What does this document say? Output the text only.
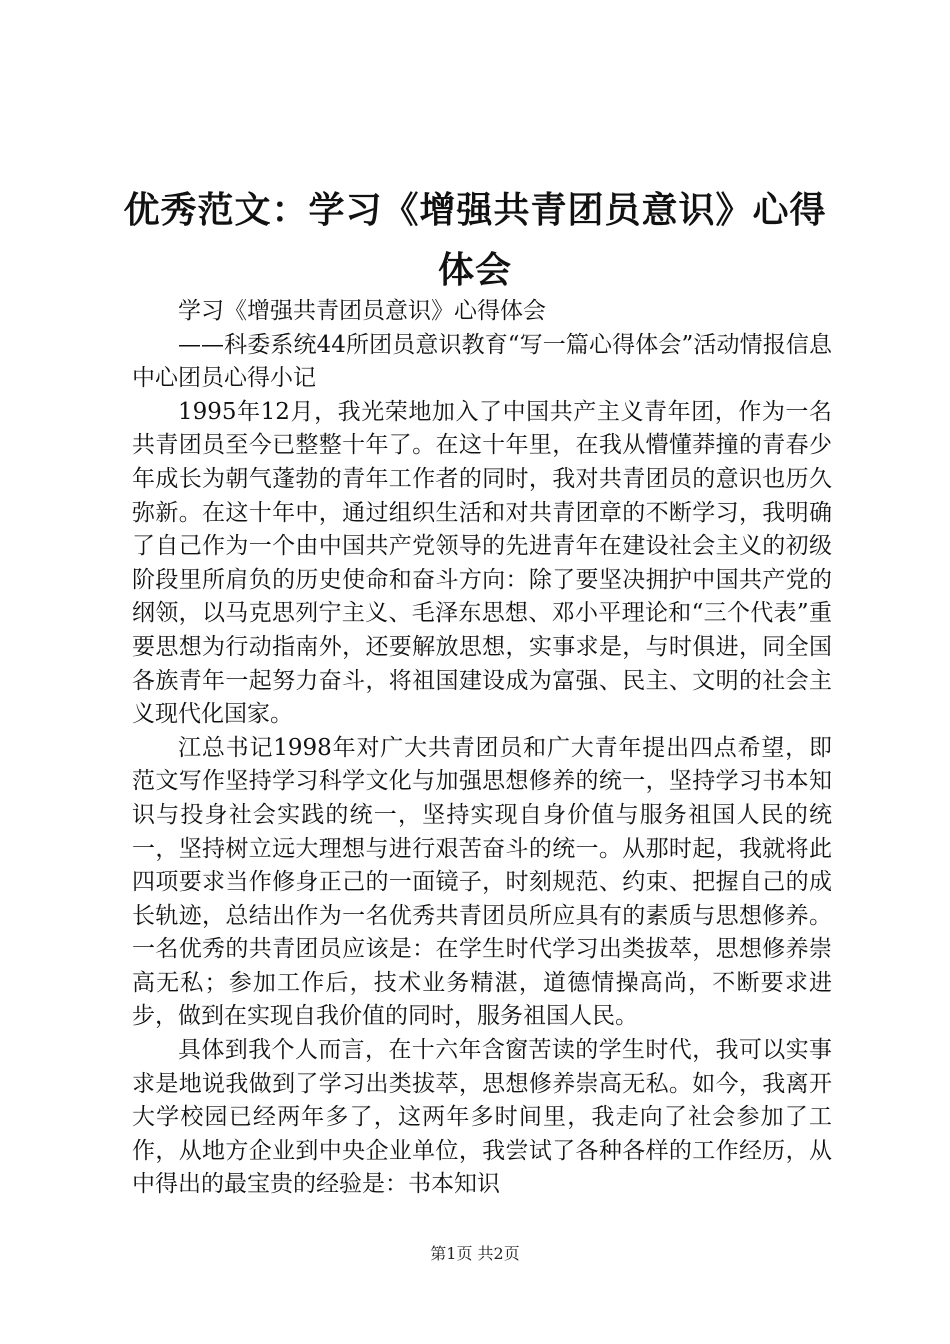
优秀范文：学习《增强共青团员意识》心得体会

学习《增强共青团员意识》心得体会

——科委系统44所团员意识教育“写一篇心得体会”活动情报信息中心团员心得小记

1995年12月，我光荣地加入了中国共产主义青年团，作为一名共青团员至今已整整十年了。在这十年里，在我从懵懂莽撞的青春少年成长为朝气蓬勃的青年工作者的同时，我对共青团员的意识也历久弥新。在这十年中，通过组织生活和对共青团章的不断学习，我明确了自己作为一个由中国共产党领导的先进青年在建设社会主义的初级阶段里所肩负的历史使命和奋斗方向：除了要坚决拥护中国共产党的纲领，以马克思列宁主义、毛泽东思想、邓小平理论和“三个代表”重要思想为行动指南外，还要解放思想，实事求是，与时俱进，同全国各族青年一起努力奋斗，将祖国建设成为富强、民主、文明的社会主义现代化国家。

江总书记1998年对广大共青团员和广大青年提出四点希望，即范文写作坚持学习科学文化与加强思想修养的统一，坚持学习书本知识与投身社会实践的统一，坚持实现自身价值与服务祖国人民的统一，坚持树立远大理想与进行艰苦奋斗的统一。从那时起，我就将此四项要求当作修身正己的一面镜子，时刻规范、约束、把握自己的成长轨迹，总结出作为一名优秀共青团员所应具有的素质与思想修养。一名优秀的共青团员应该是：在学生时代学习出类拔萃，思想修养崇高无私；参加工作后，技术业务精湛，道德情操高尚，不断要求进步，做到在实现自我价值的同时，服务祖国人民。

具体到我个人而言，在十六年含窗苦读的学生时代，我可以实事求是地说我做到了学习出类拔萃，思想修养崇高无私。如今，我离开大学校园已经两年多了，这两年多时间里，我走向了社会参加了工作，从地方企业到中央企业单位，我尝试了各种各样的工作经历，从中得出的最宝贵的经验是：书本知识

第1页 共2页
